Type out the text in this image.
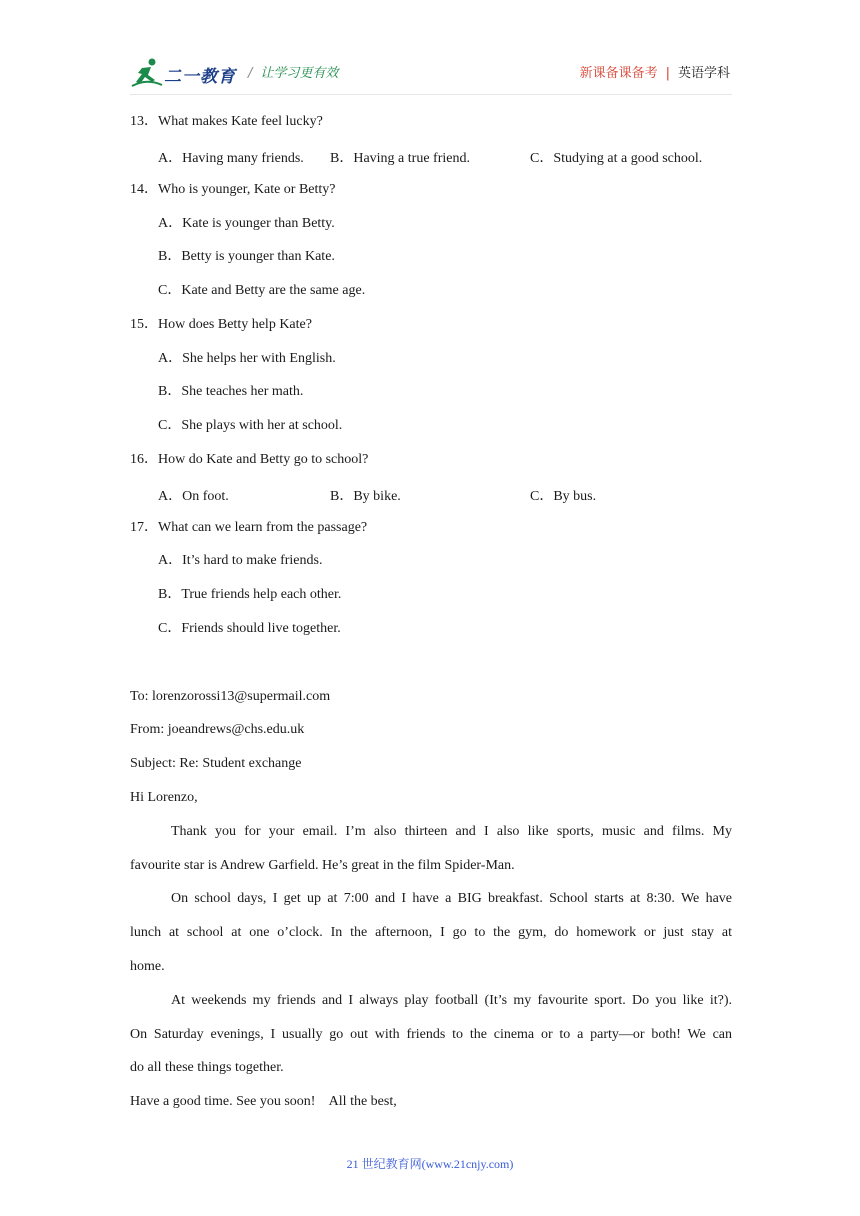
二一教育 / 让学习更有效	新课备课备考 | 英语学科
13．What makes Kate feel lucky?
A．Having many friends. B．Having a true friend.	C．Studying at a good school.
14．Who is younger, Kate or Betty?
A．Kate is younger than Betty.
B．Betty is younger than Kate.
C．Kate and Betty are the same age.
15．How does Betty help Kate?
A．She helps her with English.
B．She teaches her math.
C．She plays with her at school.
16．How do Kate and Betty go to school?
A．On foot.	B．By bike.	C．By bus.
17．What can we learn from the passage?
A．It’s hard to make friends.
B．True friends help each other.
C．Friends should live together.
To: lorenzorossi13@supermail.com
From: joeandrews@chs.edu.uk
Subject: Re: Student exchange
Hi Lorenzo,
Thank you for your email. I’m also thirteen and I also like sports, music and films. My
favourite star is Andrew Garfield. He’s great in the film Spider-Man.
On school days, I get up at 7:00 and I have a BIG breakfast. School starts at 8:30. We have
lunch at school at one o’clock. In the afternoon, I go to the gym, do homework or just stay at
home.
At weekends my friends and I always play football (It’s my favourite sport. Do you like it?).
On Saturday evenings, I usually go out with friends to the cinema or to a party—or both! We can
do all these things together.
Have a good time. See you soon!    All the best,
21 世纪教育网(www.21cnjy.com)
